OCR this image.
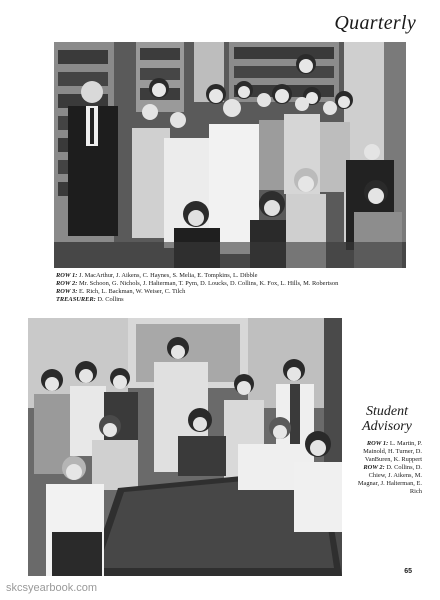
Quarterly
ROW 1: J. MacArthur, J. Aikens, C. Haynes, S. Melia, E. Tompkins, L. Dibble
ROW 2: Mr. Schoon, G. Nichols, J. Halterman, T. Pym, D. Loucks, D. Collins, K. Fox, L. Hills, M. Robertson
ROW 3: E. Rich, L. Backman, W. Weiser, C. Tilch
TREASURER: D. Collins
Student
Advisory
ROW 1: L. Martin, P. Mainold, H. Turner, D. VanBuren, K. Ruppert
ROW 2: D. Collins, D. Chiew, J. Aikens, M. Magnar, J. Halterman, E. Rich
65
skcsyearbook.com
